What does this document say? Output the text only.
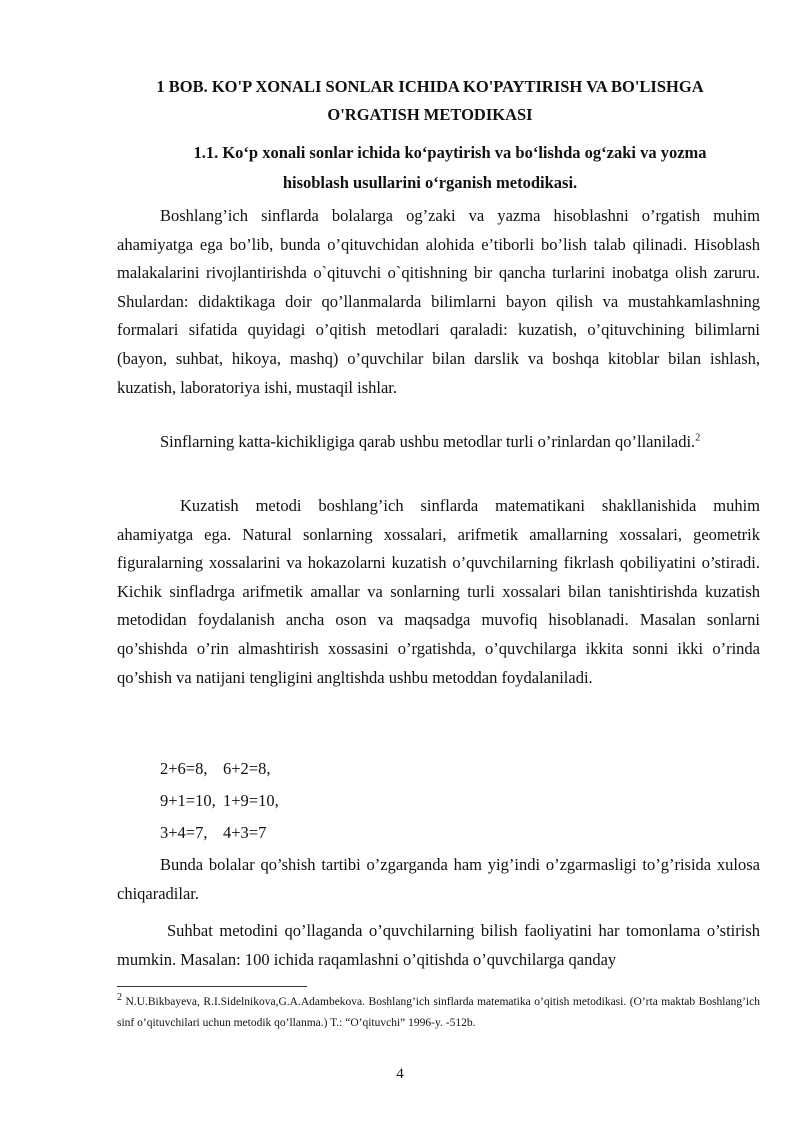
1 BOB. KO'P XONALI SONLAR ICHIDA KO'PAYTIRISH VA BO'LISHGA
O'RGATISH METODIKASI
1.1. Ko‘p xonali sonlar ichida ko‘paytirish va bo‘lishda og‘zaki va yozma
hisoblash usullarini o‘rganish metodikasi.

Boshlang’ich sinflarda bolalarga og’zaki va yazma hisoblashni o’rgatish muhim ahamiyatga ega bo’lib, bunda o’qituvchidan alohida e’tiborli bo’lish talab qilinadi. Hisoblash malakalarini rivojlantirishda o`qituvchi o`qitishning bir qancha turlarini inobatga olish zaruru. Shulardan: didaktikaga doir qo’llanmalarda bilimlarni bayon qilish va mustahkamlashning formalari sifatida quyidagi o’qitish metodlari qaraladi: kuzatish, o’qituvchining bilimlarni (bayon, suhbat, hikoya, mashq) o’quvchilar bilan darslik va boshqa kitoblar bilan ishlash, kuzatish, laboratoriya ishi, mustaqil ishlar.

Sinflarning katta-kichikligiga qarab ushbu metodlar turli o’rinlardan qo’llaniladi.$^2$

Kuzatish metodi boshlang’ich sinflarda matematikani shakllanishida muhim ahamiyatga ega. Natural sonlarning xossalari, arifmetik amallarning xossalari, geometrik figuralarning xossalarini va hokazolarni kuzatish o’quvchilarning fikrlash qobiliyatini o’stiradi. Kichik sinfladrga arifmetik amallar va sonlarning turli xossalari bilan tanishtirishda kuzatish metodidan foydalanish ancha oson va maqsadga muvofiq hisoblanadi. Masalan sonlarni qo’shishda o’rin almashtirish xossasini o’rgatishda, o’quvchilarga ikkita sonni ikki o’rinda qo’shish va natijani tengligini angltishda ushbu metoddan foydalaniladi.

2+6=8, 6+2=8,
9+1=10, 1+9=10,
3+4=7, 4+3=7

Bunda bolalar qo’shish tartibi o’zgarganda ham yig’indi o’zgarmasligi to’g’risida xulosa chiqaradilar.

Suhbat metodini qo’llaganda o’quvchilarning bilish faoliyatini har tomonlama o’stirish mumkin. Masalan: 100 ichida raqamlashni o’qitishda o’quvchilarga qanday

$^2$ N.U.Bikbayeva, R.I.Sidelnikova,G.A.Adambekova. Boshlang’ich sinflarda matematika o’qitish metodikasi. (O’rta maktab Boshlang’ich sinf o’qituvchilari uchun metodik qo’llanma.) T.: “O’qituvchi” 1996-y. -512b.

4
